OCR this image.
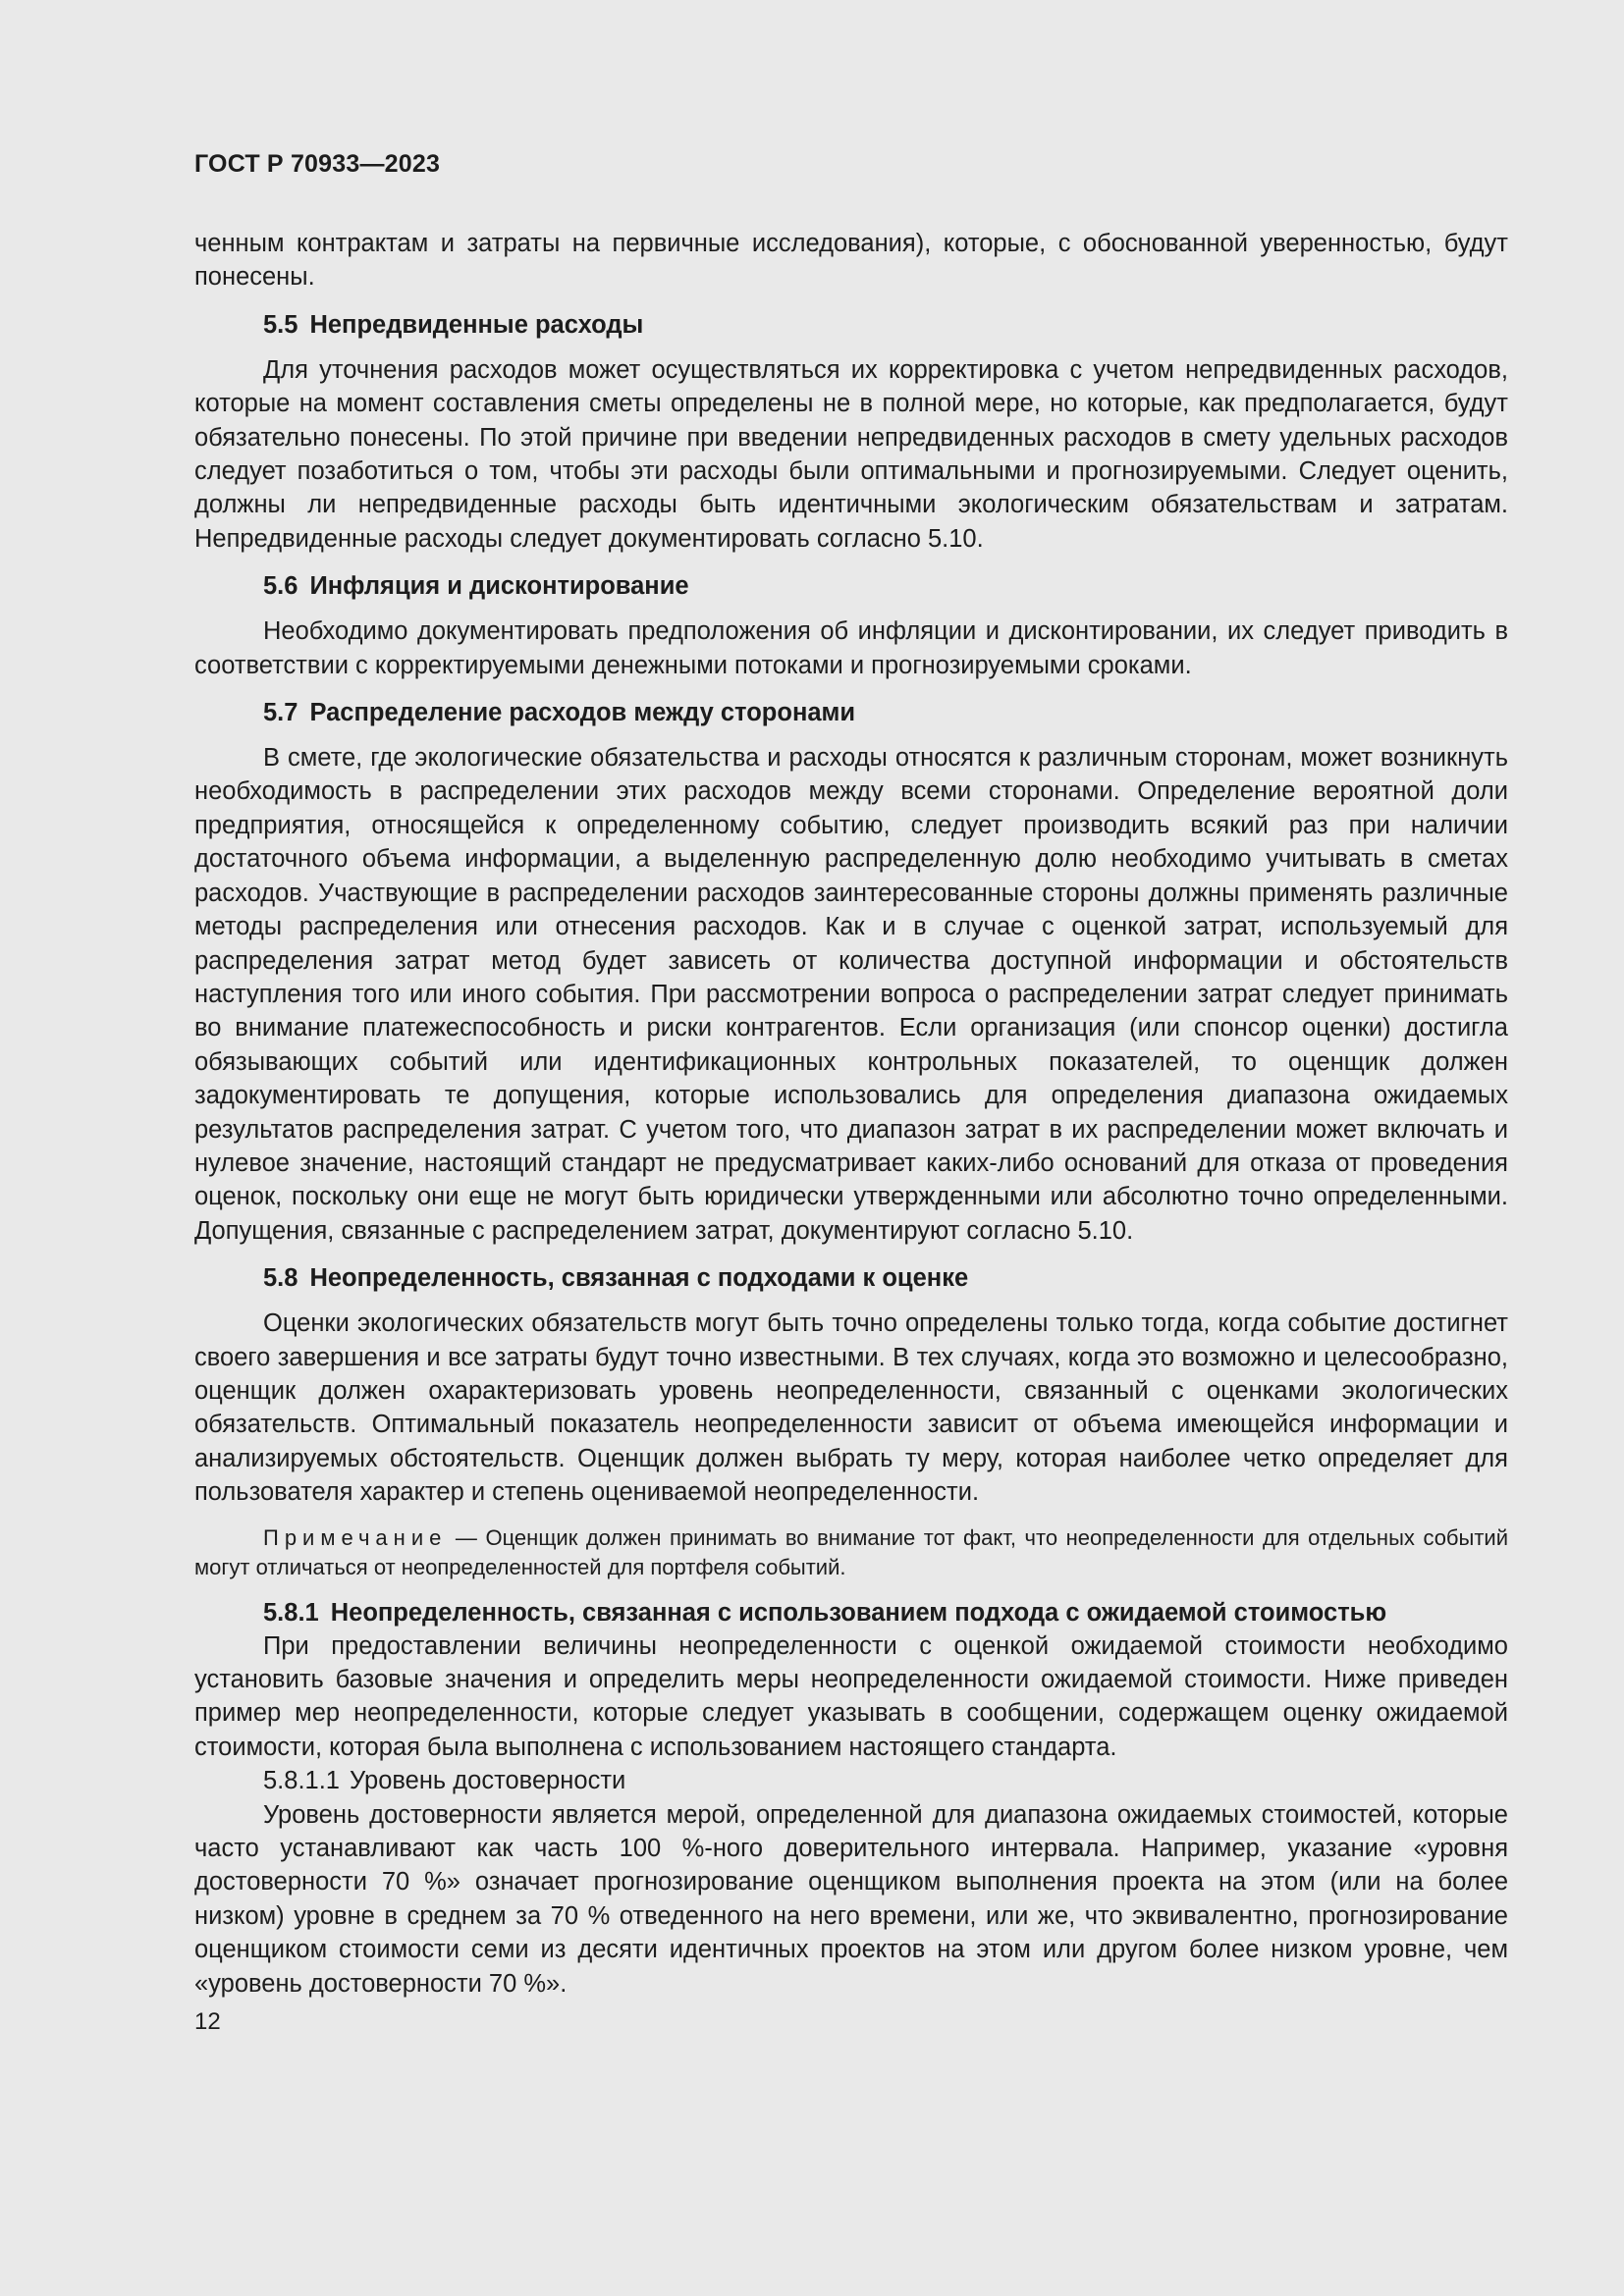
ГОСТ Р 70933—2023

ченным контрактам и затраты на первичные исследования), которые, с обоснованной уверенностью, будут понесены.

5.5 Непредвиденные расходы

Для уточнения расходов может осуществляться их корректировка с учетом непредвиденных расходов, которые на момент составления сметы определены не в полной мере, но которые, как предполагается, будут обязательно понесены. По этой причине при введении непредвиденных расходов в смету удельных расходов следует позаботиться о том, чтобы эти расходы были оптимальными и прогнозируемыми. Следует оценить, должны ли непредвиденные расходы быть идентичными экологическим обязательствам и затратам. Непредвиденные расходы следует документировать согласно 5.10.

5.6 Инфляция и дисконтирование

Необходимо документировать предположения об инфляции и дисконтировании, их следует приводить в соответствии с корректируемыми денежными потоками и прогнозируемыми сроками.

5.7 Распределение расходов между сторонами

В смете, где экологические обязательства и расходы относятся к различным сторонам, может возникнуть необходимость в распределении этих расходов между всеми сторонами. Определение вероятной доли предприятия, относящейся к определенному событию, следует производить всякий раз при наличии достаточного объема информации, а выделенную распределенную долю необходимо учитывать в сметах расходов. Участвующие в распределении расходов заинтересованные стороны должны применять различные методы распределения или отнесения расходов. Как и в случае с оценкой затрат, используемый для распределения затрат метод будет зависеть от количества доступной информации и обстоятельств наступления того или иного события. При рассмотрении вопроса о распределении затрат следует принимать во внимание платежеспособность и риски контрагентов. Если организация (или спонсор оценки) достигла обязывающих событий или идентификационных контрольных показателей, то оценщик должен задокументировать те допущения, которые использовались для определения диапазона ожидаемых результатов распределения затрат. С учетом того, что диапазон затрат в их распределении может включать и нулевое значение, настоящий стандарт не предусматривает каких-либо оснований для отказа от проведения оценок, поскольку они еще не могут быть юридически утвержденными или абсолютно точно определенными. Допущения, связанные с распределением затрат, документируют согласно 5.10.

5.8 Неопределенность, связанная с подходами к оценке

Оценки экологических обязательств могут быть точно определены только тогда, когда событие достигнет своего завершения и все затраты будут точно известными. В тех случаях, когда это возможно и целесообразно, оценщик должен охарактеризовать уровень неопределенности, связанный с оценками экологических обязательств. Оптимальный показатель неопределенности зависит от объема имеющейся информации и анализируемых обстоятельств. Оценщик должен выбрать ту меру, которая наиболее четко определяет для пользователя характер и степень оцениваемой неопределенности.

Примечание — Оценщик должен принимать во внимание тот факт, что неопределенности для отдельных событий могут отличаться от неопределенностей для портфеля событий.

5.8.1 Неопределенность, связанная с использованием подхода с ожидаемой стоимостью

При предоставлении величины неопределенности с оценкой ожидаемой стоимости необходимо установить базовые значения и определить меры неопределенности ожидаемой стоимости. Ниже приведен пример мер неопределенности, которые следует указывать в сообщении, содержащем оценку ожидаемой стоимости, которая была выполнена с использованием настоящего стандарта.

5.8.1.1 Уровень достоверности

Уровень достоверности является мерой, определенной для диапазона ожидаемых стоимостей, которые часто устанавливают как часть 100 %-ного доверительного интервала. Например, указание «уровня достоверности 70 %» означает прогнозирование оценщиком выполнения проекта на этом (или на более низком) уровне в среднем за 70 % отведенного на него времени, или же, что эквивалентно, прогнозирование оценщиком стоимости семи из десяти идентичных проектов на этом или другом более низком уровне, чем «уровень достоверности 70 %».

12
